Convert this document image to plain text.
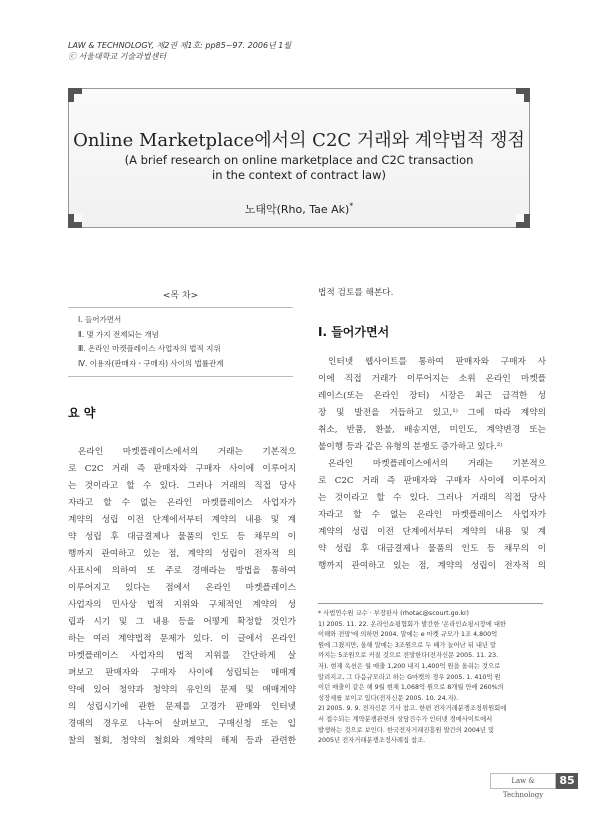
LAW & TECHNOLOGY, 제2권 제1호: pp85~97. 2006년 1월
ⓒ 서울대학교 기술과법센터
Online Marketplace에서의 C2C 거래와 계약법적 쟁점
(A brief research on online marketplace and C2C transaction
in the context of contract law)
노태악(Rho, Tae Ak)*
<목 차>
Ⅰ. 들어가면서
Ⅱ. 몇 가지 전제되는 개념
Ⅲ. 온라인 마켓플레이스 사업자의 법적 지위
Ⅳ. 이용자(판매자ㆍ구매자) 사이의 법률관계
요 약

온라인 마켓플레이스에서의 거래는 기본적으

로 C2C 거래 즉 판매자와 구매자 사이에 이루어지

는 것이라고 할 수 있다. 그러나 거래의 직접 당사

자라고 할 수 없는 온라인 마켓플레이스 사업자가

계약의 성립 이전 단계에서부터 계약의 내용 및 계

약 성립 후 대금결제나 물품의 인도 등 채무의 이

행까지 관여하고 있는 점, 계약의 성립이 전자적 의

사표시에 의하여 또 주로 경매라는 방법을 통하여

이루어지고 있다는 점에서 온라인 마켓플레이스

사업자의 민사상 법적 지위와 구체적인 계약의 성

립과 시기 및 그 내용 등을 어떻게 확정할 것인가

하는 여러 계약법적 문제가 있다. 이 글에서 온라인

마켓플레이스 사업자의 법적 지위를 간단하게 살

펴보고 판매자와 구매자 사이에 성립되는 매매계

약에 있어 청약과 청약의 유인의 문제 및 매매계약

의 성립시기에 관한 문제를 고경가 판매와 인터넷

경매의 경우로 나누어 살펴보고, 구매신청 또는 입

찰의 철회, 청약의 철회와 계약의 해제 등과 관련한

법적 검토를 해본다.

Ⅰ. 들어가면서

인터넷 웹사이트를 통하여 판매자와 구매자 사

이에 직접 거래가 이루어지는 소위 온라인 마켓플

레이스(또는 온라인 장터) 시장은 최근 급격한 성

장 및 발전을 거듭하고 있고,¹⁾ 그에 따라 계약의

취소, 반품, 환불, 배송지연, 미인도, 계약변경 또는

불이행 등과 같은 유형의 분쟁도 증가하고 있다.²⁾

온라인 마켓플레이스에서의 거래는 기본적으

로 C2C 거래 즉 판매자와 구매자 사이에 이루어지

는 것이라고 할 수 있다. 그러나 거래의 직접 당사

자라고 할 수 없는 온라인 마켓플레이스 사업자가

계약의 성립 이전 단계에서부터 계약의 내용 및 계

약 성립 후 대금결제나 물품의 인도 등 채무의 이

행까지 관여하고 있는 점, 계약의 성립이 전자적 의

* 사법연수원 교수 · 부장판사 (rhotac@scourt.go.kr)
1) 2005. 11. 22. 온라인쇼핑협회가 발간한 '온라인쇼핑시장에 대한
이해와 전망'에 의하면 2004. 말에는 e 마켓 규모가 1조 4,800억
원에 그쳤지만, 올해 말에는 3조원으로 두 배가 늘어난 뒤 내년 말
까지는 5조원으로 커질 것으로 전망한다(전자신문 2005. 11. 23.
자). 현재 옥션은 월 매출 1,200 내지 1,400억 원을 올리는 것으로
알려지고, 그 다음규모라고 하는 G마켓의 경우 2005. 1. 410억 원
이던 매출이 같은 해 9월 현재 1,068억 원으로 8개월 만에 260%의
성장세를 보이고 있다(전자신문 2005. 10. 24.자).
2) 2005. 9. 9. 전자신문 기사 참고. 한편 전자거래분쟁조정위원회에
서 접수되는 계약분쟁관련의 상담건수가 인터넷 경매사이트에서
발생하는 것으로 보인다. 한국전자거래진흥원 발간의 2004년 및
2005년 전자거래분쟁조정사례집 참조.
Law & Technology
85
